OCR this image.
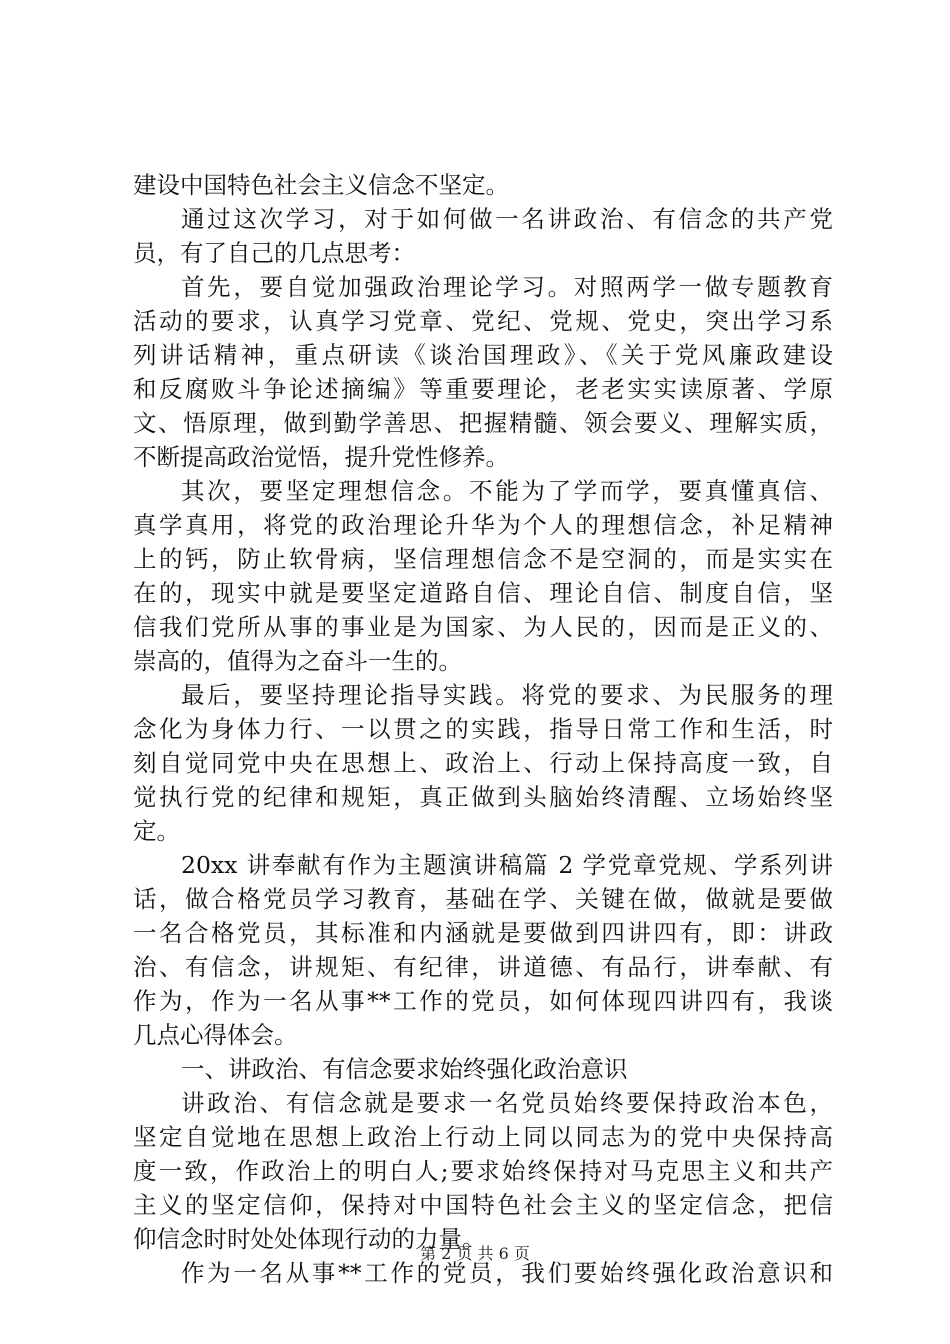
建设中国特色社会主义信念不坚定。
通过这次学习，对于如何做一名讲政治、有信念的共产党
员，有了自己的几点思考：
首先，要自觉加强政治理论学习。对照两学一做专题教育
活动的要求，认真学习党章、党纪、党规、党史，突出学习系
列讲话精神，重点研读《谈治国理政》、《关于党风廉政建设
和反腐败斗争论述摘编》等重要理论，老老实实读原著、学原
文、悟原理，做到勤学善思、把握精髓、领会要义、理解实质，
不断提高政治觉悟，提升党性修养。
其次，要坚定理想信念。不能为了学而学，要真懂真信、
真学真用，将党的政治理论升华为个人的理想信念，补足精神
上的钙，防止软骨病，坚信理想信念不是空洞的，而是实实在
在的，现实中就是要坚定道路自信、理论自信、制度自信，坚
信我们党所从事的事业是为国家、为人民的，因而是正义的、
崇高的，值得为之奋斗一生的。
最后，要坚持理论指导实践。将党的要求、为民服务的理
念化为身体力行、一以贯之的实践，指导日常工作和生活，时
刻自觉同党中央在思想上、政治上、行动上保持高度一致，自
觉执行党的纪律和规矩，真正做到头脑始终清醒、立场始终坚
定。
20xx 讲奉献有作为主题演讲稿篇 2 学党章党规、学系列讲
话，做合格党员学习教育，基础在学、关键在做，做就是要做
一名合格党员，其标准和内涵就是要做到四讲四有，即：讲政
治、有信念，讲规矩、有纪律，讲道德、有品行，讲奉献、有
作为，作为一名从事**工作的党员，如何体现四讲四有，我谈
几点心得体会。
一、讲政治、有信念要求始终强化政治意识
讲政治、有信念就是要求一名党员始终要保持政治本色，
坚定自觉地在思想上政治上行动上同以同志为的党中央保持高
度一致，作政治上的明白人;要求始终保持对马克思主义和共产
主义的坚定信仰，保持对中国特色社会主义的坚定信念，把信
仰信念时时处处体现行动的力量。
作为一名从事**工作的党员，我们要始终强化政治意识和
第 2 页 共 6 页
